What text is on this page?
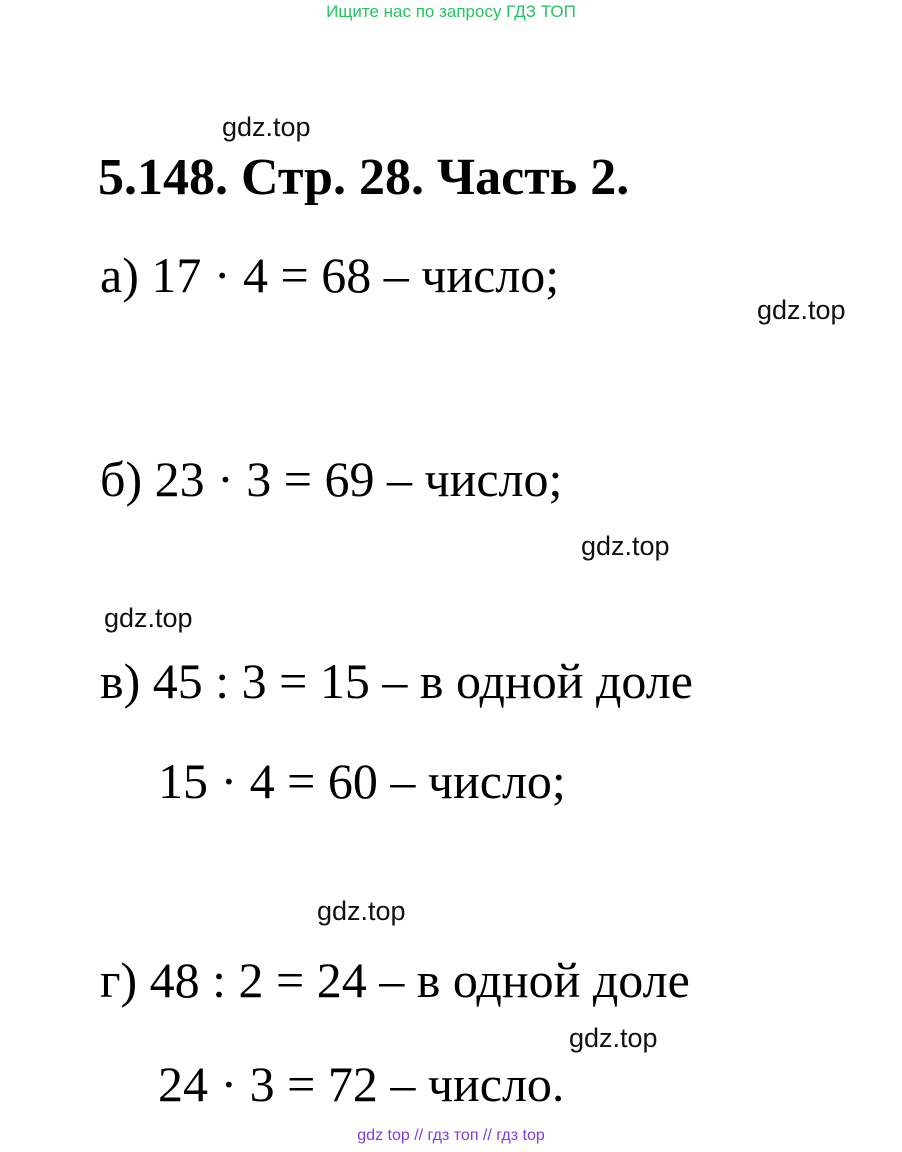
Ищите нас по запросу ГДЗ ТОП
gdz.top
5.148. Стр. 28. Часть 2.
а) 17 · 4 = 68 – число;
gdz.top
б) 23 · 3 = 69 – число;
gdz.top
gdz.top
в) 45 : 3 = 15 – в одной доле
15 · 4 = 60 – число;
gdz.top
г) 48 : 2 = 24 – в одной доле
gdz.top
24 · 3 = 72 – число.
gdz top // гдз топ // гдз top
